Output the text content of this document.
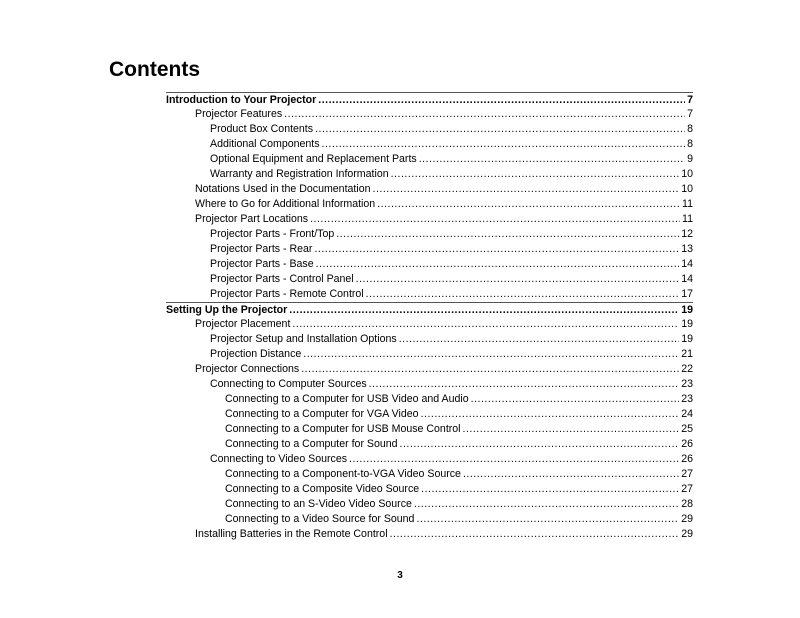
Contents
Introduction to Your Projector .....	7
Projector Features .....	7
Product Box Contents .....	8
Additional Components .....	8
Optional Equipment and Replacement Parts .....	9
Warranty and Registration Information .....	10
Notations Used in the Documentation .....	10
Where to Go for Additional Information .....	11
Projector Part Locations .....	11
Projector Parts - Front/Top .....	12
Projector Parts - Rear .....	13
Projector Parts - Base .....	14
Projector Parts - Control Panel .....	14
Projector Parts - Remote Control .....	17
Setting Up the Projector .....	19
Projector Placement .....	19
Projector Setup and Installation Options .....	19
Projection Distance .....	21
Projector Connections .....	22
Connecting to Computer Sources .....	23
Connecting to a Computer for USB Video and Audio .....	23
Connecting to a Computer for VGA Video .....	24
Connecting to a Computer for USB Mouse Control .....	25
Connecting to a Computer for Sound .....	26
Connecting to Video Sources .....	26
Connecting to a Component-to-VGA Video Source .....	27
Connecting to a Composite Video Source .....	27
Connecting to an S-Video Video Source .....	28
Connecting to a Video Source for Sound .....	29
Installing Batteries in the Remote Control .....	29
3
